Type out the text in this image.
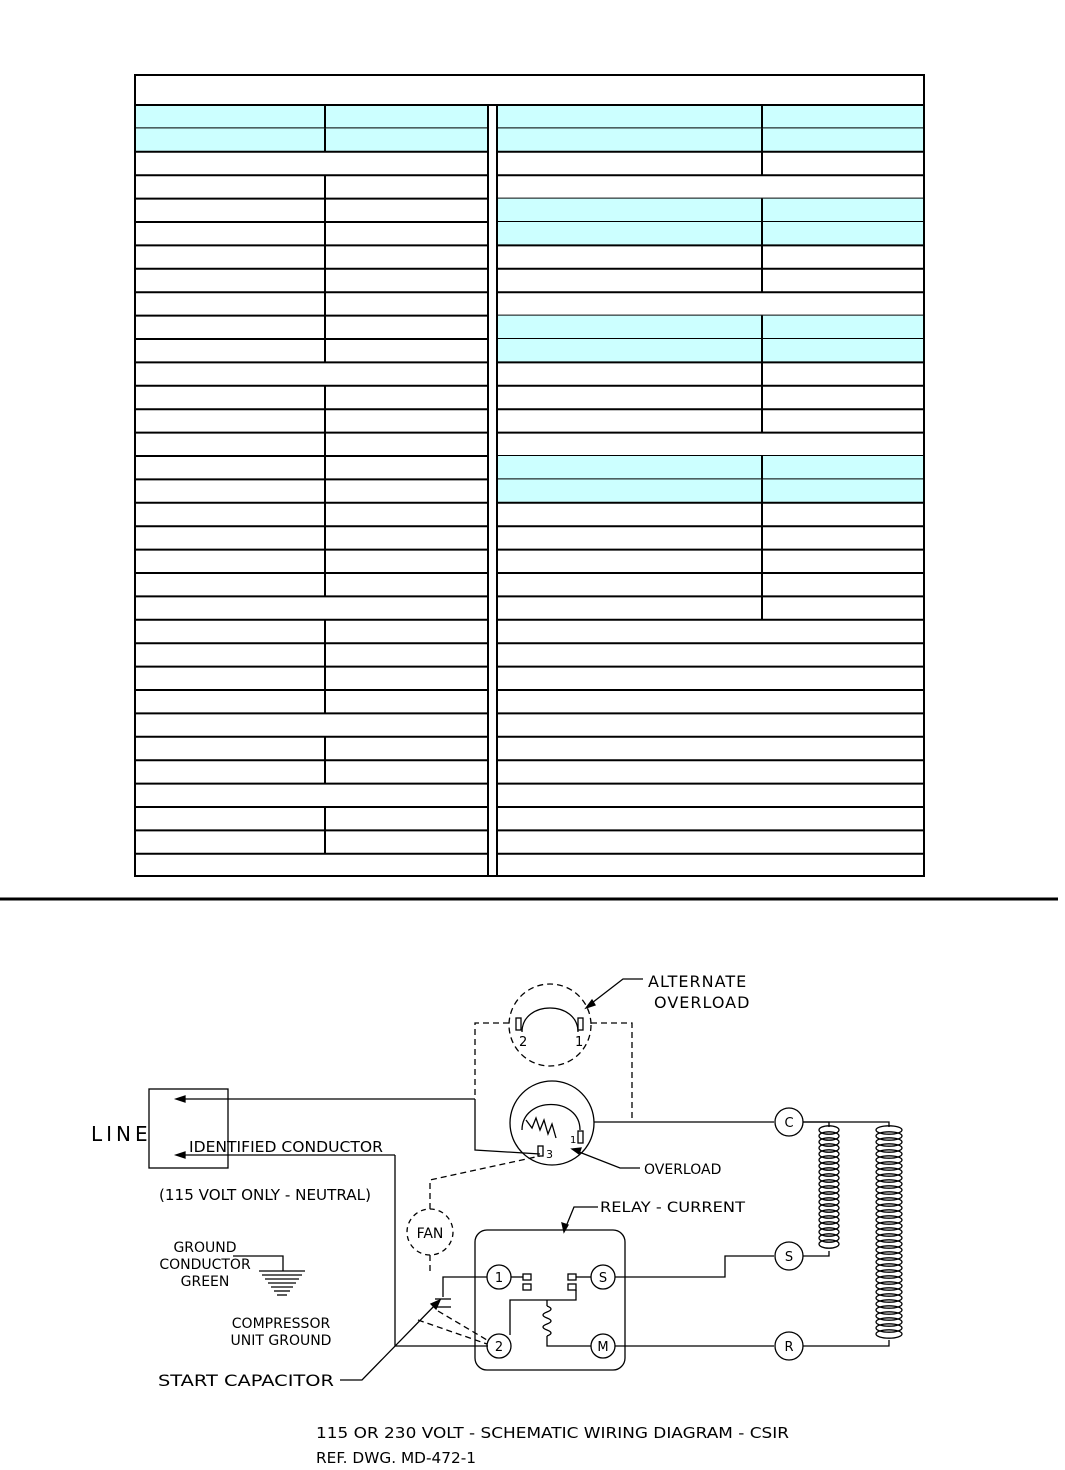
LINE
IDENTIFIED CONDUCTOR
(115 VOLT ONLY - NEUTRAL)
GROUND
CONDUCTOR
GREEN
COMPRESSOR
UNIT GROUND
START CAPACITOR
FAN
ALTERNATE
OVERLOAD
OVERLOAD
RELAY - CURRENT
C
S
R
1	S
2	M
1
3
2	1
115 OR 230 VOLT - SCHEMATIC WIRING DIAGRAM - CSIR
REF. DWG. MD-472-1
